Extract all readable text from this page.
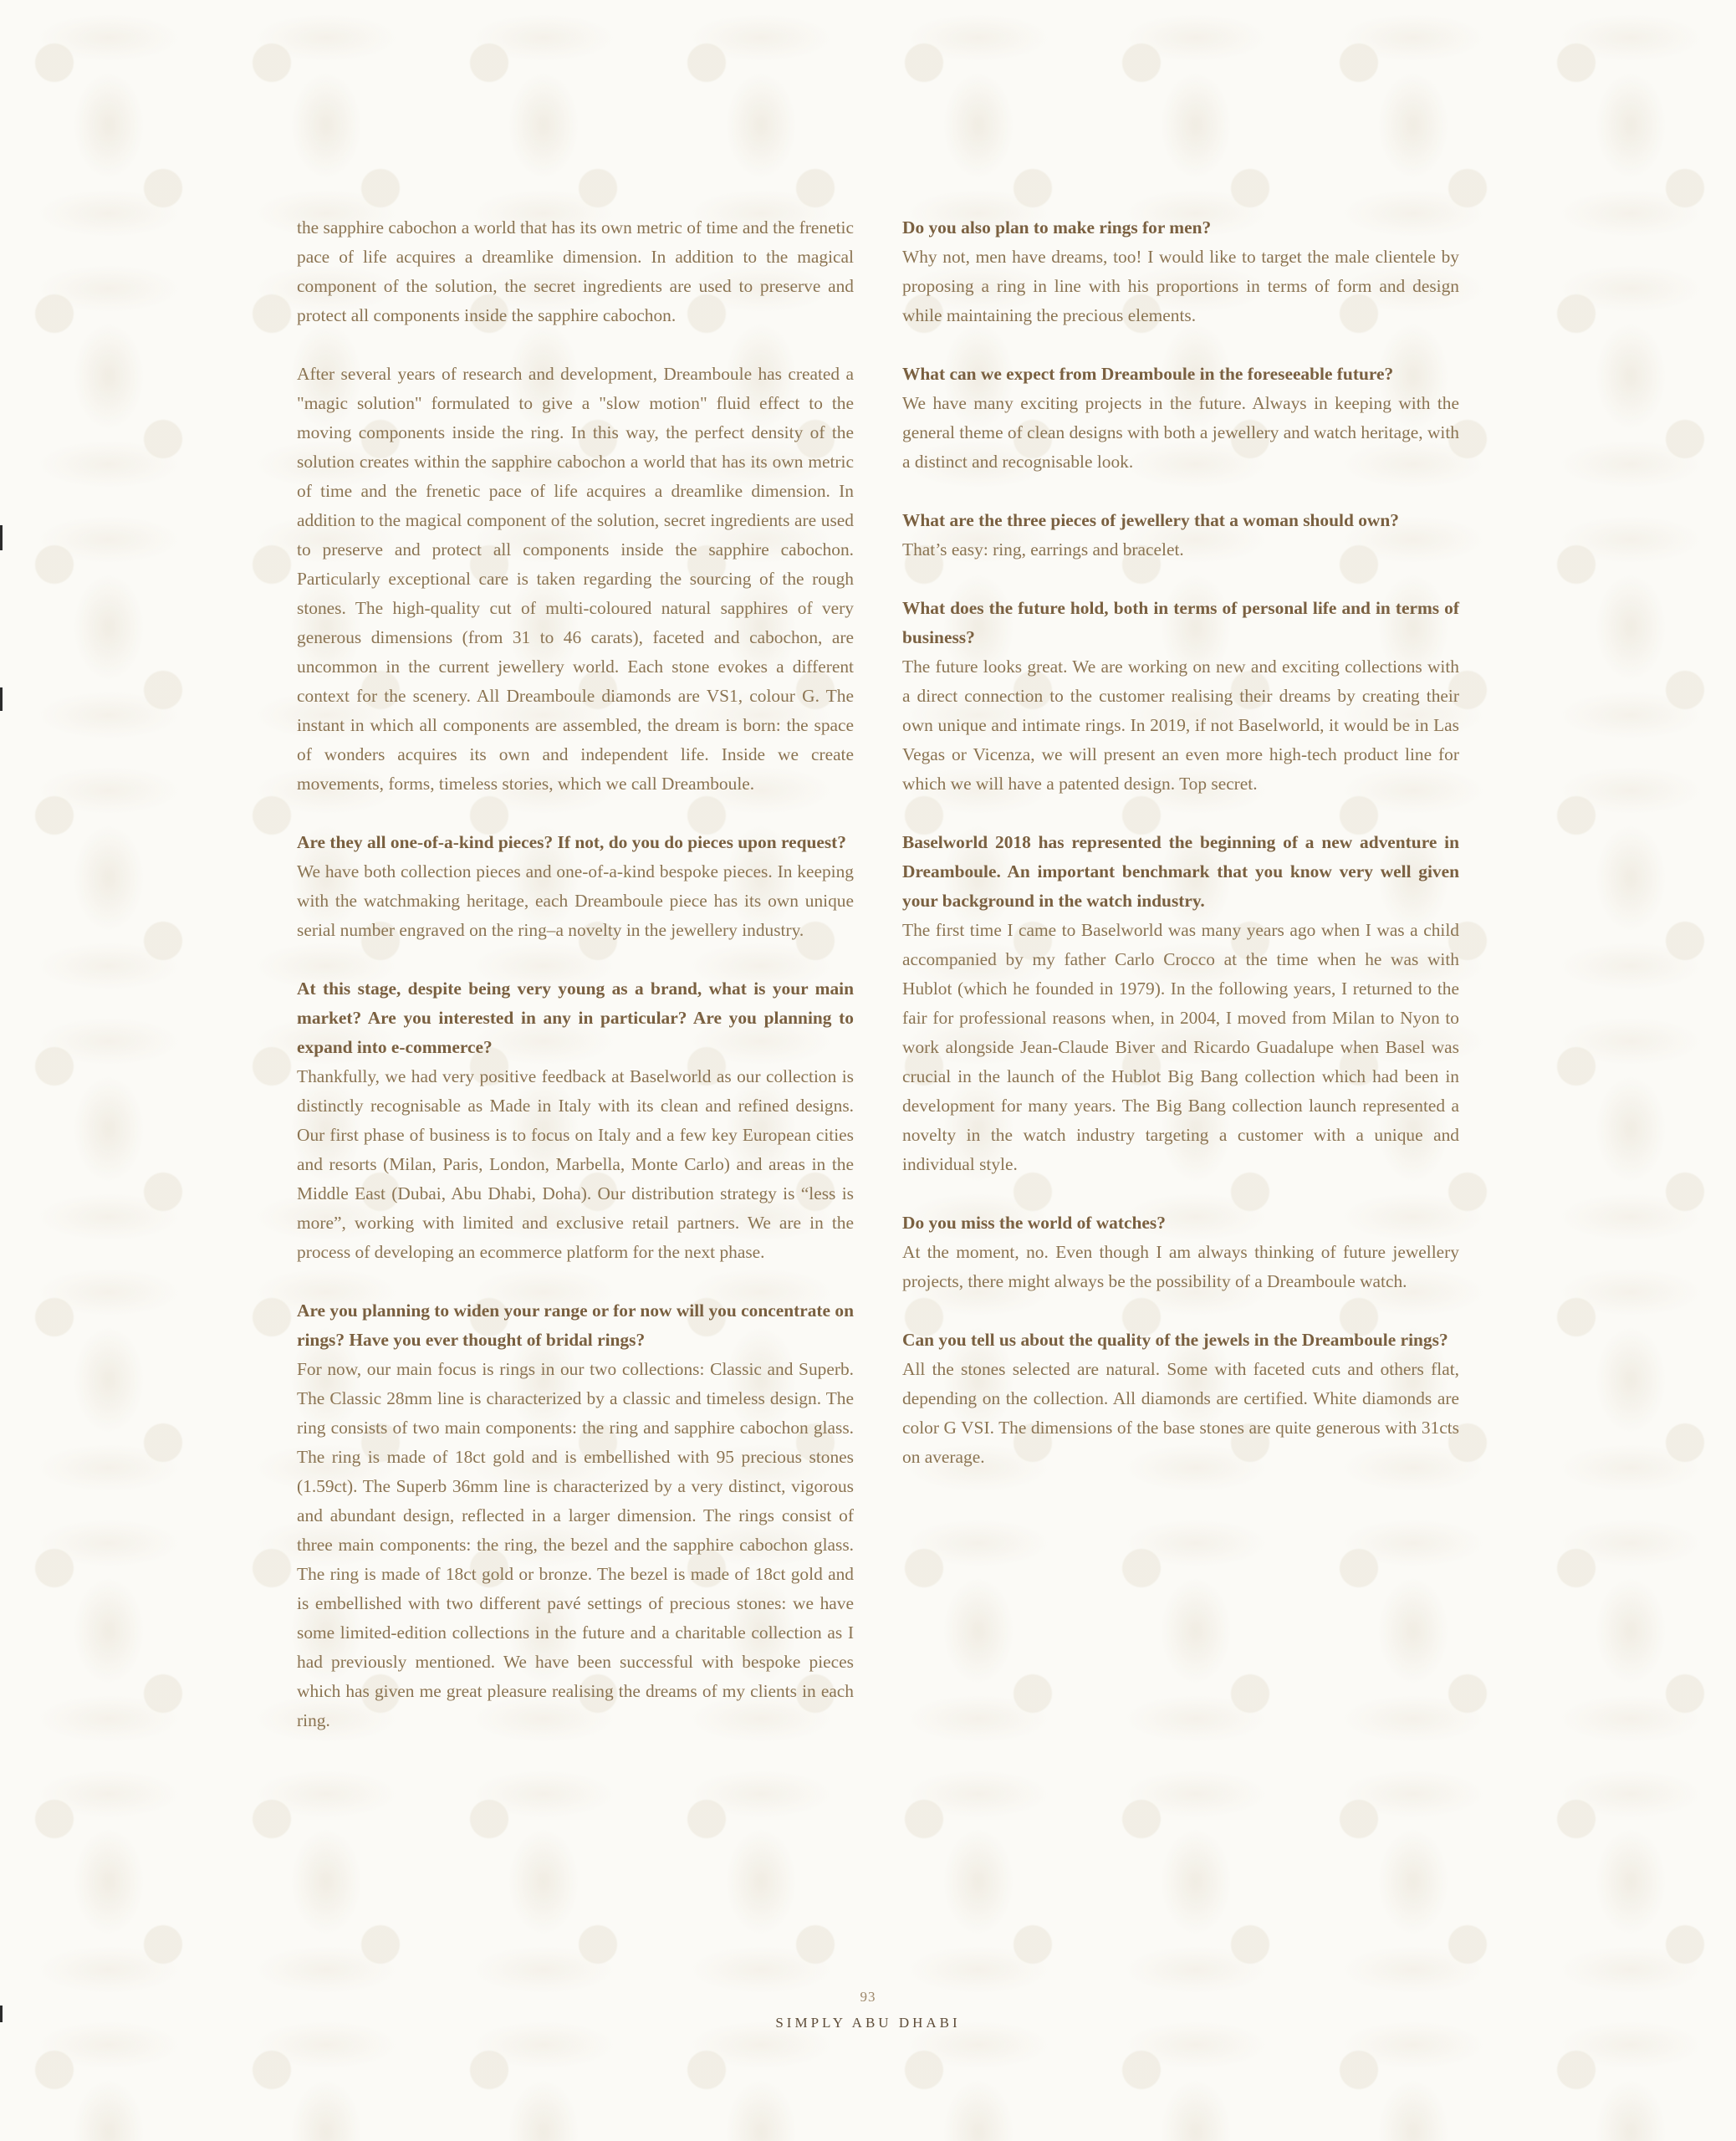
the sapphire cabochon a world that has its own metric of time and the frenetic pace of life acquires a dreamlike dimension. In addition to the magical component of the solution, the secret ingredients are used to preserve and protect all components inside the sapphire cabochon.
After several years of research and development, Dreamboule has created a "magic solution" formulated to give a "slow motion" fluid effect to the moving components inside the ring. In this way, the perfect density of the solution creates within the sapphire cabochon a world that has its own metric of time and the frenetic pace of life acquires a dreamlike dimension. In addition to the magical component of the solution, secret ingredients are used to preserve and protect all components inside the sapphire cabochon. Particularly exceptional care is taken regarding the sourcing of the rough stones. The high-quality cut of multi-coloured natural sapphires of very generous dimensions (from 31 to 46 carats), faceted and cabochon, are uncommon in the current jewellery world. Each stone evokes a different context for the scenery. All Dreamboule diamonds are VS1, colour G. The instant in which all components are assembled, the dream is born: the space of wonders acquires its own and independent life. Inside we create movements, forms, timeless stories, which we call Dreamboule.
Are they all one-of-a-kind pieces? If not, do you do pieces upon request?
We have both collection pieces and one-of-a-kind bespoke pieces. In keeping with the watchmaking heritage, each Dreamboule piece has its own unique serial number engraved on the ring–a novelty in the jewellery industry.
At this stage, despite being very young as a brand, what is your main market? Are you interested in any in particular? Are you planning to expand into e-commerce?
Thankfully, we had very positive feedback at Baselworld as our collection is distinctly recognisable as Made in Italy with its clean and refined designs. Our first phase of business is to focus on Italy and a few key European cities and resorts (Milan, Paris, London, Marbella, Monte Carlo) and areas in the Middle East (Dubai, Abu Dhabi, Doha). Our distribution strategy is “less is more”, working with limited and exclusive retail partners. We are in the process of developing an ecommerce platform for the next phase.
Are you planning to widen your range or for now will you concentrate on rings? Have you ever thought of bridal rings?
For now, our main focus is rings in our two collections: Classic and Superb. The Classic 28mm line is characterized by a classic and timeless design. The ring consists of two main components: the ring and sapphire cabochon glass. The ring is made of 18ct gold and is embellished with 95 precious stones (1.59ct). The Superb 36mm line is characterized by a very distinct, vigorous and abundant design, reflected in a larger dimension. The rings consist of three main components: the ring, the bezel and the sapphire cabochon glass. The ring is made of 18ct gold or bronze. The bezel is made of 18ct gold and is embellished with two different pavé settings of precious stones: we have some limited-edition collections in the future and a charitable collection as I had previously mentioned. We have been successful with bespoke pieces which has given me great pleasure realising the dreams of my clients in each ring.
Do you also plan to make rings for men?
Why not, men have dreams, too! I would like to target the male clientele by proposing a ring in line with his proportions in terms of form and design while maintaining the precious elements.
What can we expect from Dreamboule in the foreseeable future?
We have many exciting projects in the future. Always in keeping with the general theme of clean designs with both a jewellery and watch heritage, with a distinct and recognisable look.
What are the three pieces of jewellery that a woman should own?
That’s easy: ring, earrings and bracelet.
What does the future hold, both in terms of personal life and in terms of business?
The future looks great. We are working on new and exciting collections with a direct connection to the customer realising their dreams by creating their own unique and intimate rings. In 2019, if not Baselworld, it would be in Las Vegas or Vicenza, we will present an even more high-tech product line for which we will have a patented design. Top secret.
Baselworld 2018 has represented the beginning of a new adventure in Dreamboule. An important benchmark that you know very well given your background in the watch industry.
The first time I came to Baselworld was many years ago when I was a child accompanied by my father Carlo Crocco at the time when he was with Hublot (which he founded in 1979). In the following years, I returned to the fair for professional reasons when, in 2004, I moved from Milan to Nyon to work alongside Jean-Claude Biver and Ricardo Guadalupe when Basel was crucial in the launch of the Hublot Big Bang collection which had been in development for many years. The Big Bang collection launch represented a novelty in the watch industry targeting a customer with a unique and individual style.
Do you miss the world of watches?
At the moment, no. Even though I am always thinking of future jewellery projects, there might always be the possibility of a Dreamboule watch.
Can you tell us about the quality of the jewels in the Dreamboule rings?
All the stones selected are natural. Some with faceted cuts and others flat, depending on the collection. All diamonds are certified. White diamonds are color G VSI. The dimensions of the base stones are quite generous with 31cts on average.
93
SIMPLY ABU DHABI
